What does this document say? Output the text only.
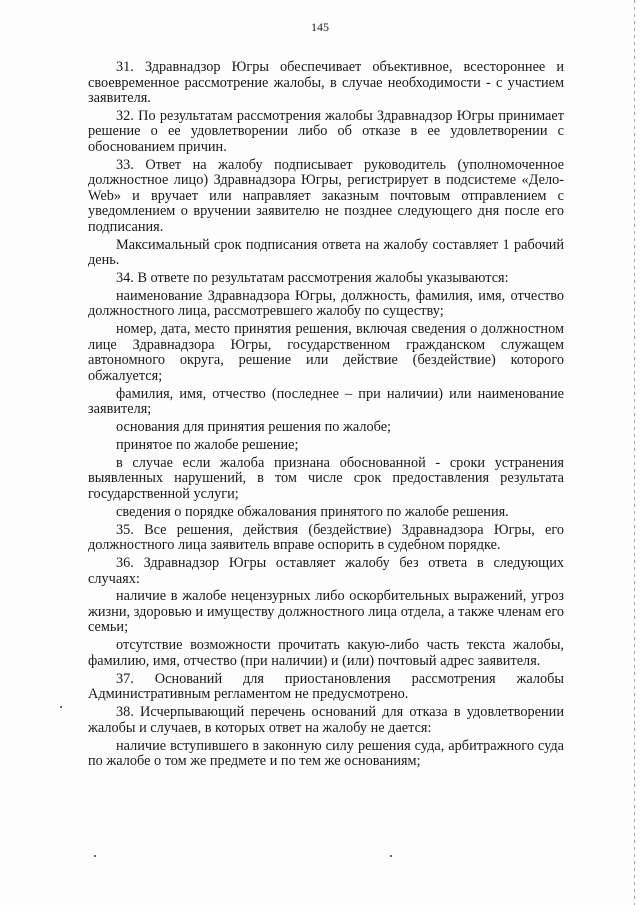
145

31. Здравнадзор Югры обеспечивает объективное, всестороннее и своевременное рассмотрение жалобы, в случае необходимости - с участием заявителя.

32. По результатам рассмотрения жалобы Здравнадзор Югры принимает решение о ее удовлетворении либо об отказе в ее удовлетворении с обоснованием причин.

33. Ответ на жалобу подписывает руководитель (уполномоченное должностное лицо) Здравнадзора Югры, регистрирует в подсистеме «Дело-Web» и вручает или направляет заказным почтовым отправлением с уведомлением о вручении заявителю не позднее следующего дня после его подписания.

Максимальный срок подписания ответа на жалобу составляет 1 рабочий день.

34. В ответе по результатам рассмотрения жалобы указываются:

наименование Здравнадзора Югры, должность, фамилия, имя, отчество должностного лица, рассмотревшего жалобу по существу;

номер, дата, место принятия решения, включая сведения о должностном лице Здравнадзора Югры, государственном гражданском служащем автономного округа, решение или действие (бездействие) которого обжалуется;

фамилия, имя, отчество (последнее – при наличии) или наименование заявителя;

основания для принятия решения по жалобе;

принятое по жалобе решение;

в случае если жалоба признана обоснованной - сроки устранения выявленных нарушений, в том числе срок предоставления результата государственной услуги;

сведения о порядке обжалования принятого по жалобе решения.

35. Все решения, действия (бездействие) Здравнадзора Югры, его должностного лица заявитель вправе оспорить в судебном порядке.

36. Здравнадзор Югры оставляет жалобу без ответа в следующих случаях:

наличие в жалобе нецензурных либо оскорбительных выражений, угроз жизни, здоровью и имуществу должностного лица отдела, а также членам его семьи;

отсутствие возможности прочитать какую-либо часть текста жалобы, фамилию, имя, отчество (при наличии) и (или) почтовый адрес заявителя.

37. Оснований для приостановления рассмотрения жалобы Административным регламентом не предусмотрено.

38. Исчерпывающий перечень оснований для отказа в удовлетворении жалобы и случаев, в которых ответ на жалобу не дается:

наличие вступившего в законную силу решения суда, арбитражного суда по жалобе о том же предмете и по тем же основаниям;
